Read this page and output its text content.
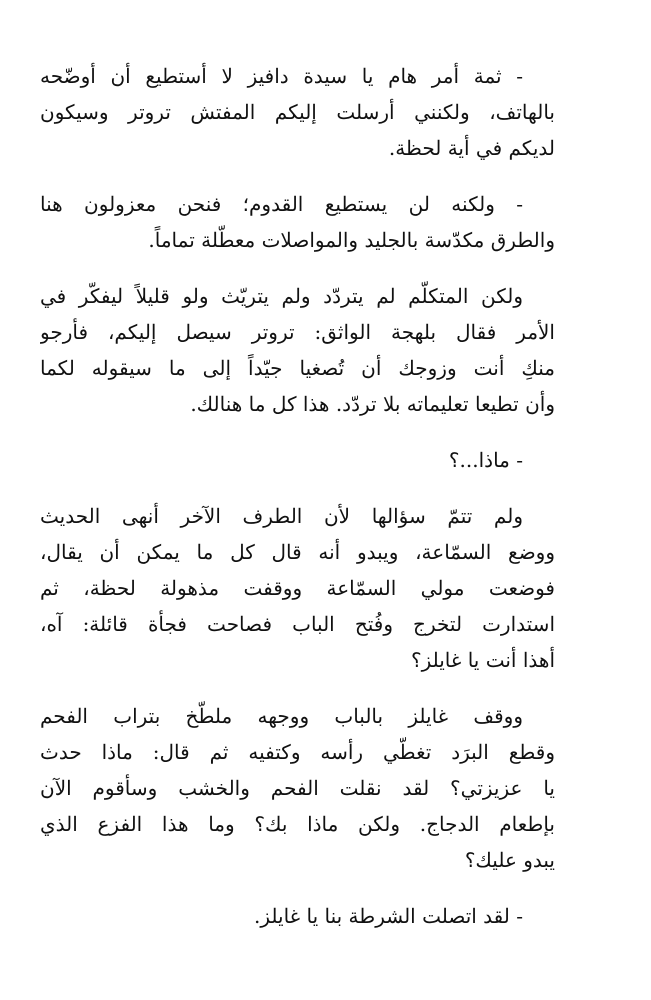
- ثمة أمر هام يا سيدة دافيز لا أستطيع أن أوضّحه
بالهاتف، ولكنني أرسلت إليكم المفتش تروتر وسيكون
لديكم في أية لحظة.
- ولكنه لن يستطيع القدوم؛ فنحن معزولون هنا
والطرق مكدّسة بالجليد والمواصلات معطّلة تماماً.
ولكن المتكلّم لم يتردّد ولم يتريّث ولو قليلاً ليفكّر في
الأمر فقال بلهجة الواثق: تروتر سيصل إليكم، فأرجو
منكِ أنت وزوجك أن تُصغيا جيّداً إلى ما سيقوله لكما
وأن تطيعا تعليماته بلا تردّد. هذا كل ما هنالك.
- ماذا...؟
ولم تتمّ سؤالها لأن الطرف الآخر أنهى الحديث
ووضع السمّاعة، ويبدو أنه قال كل ما يمكن أن يقال،
فوضعت مولي السمّاعة ووقفت مذهولة لحظة، ثم
استدارت لتخرج وفُتح الباب فصاحت فجأة قائلة: آه،
أهذا أنت يا غايلز؟
ووقف غايلز بالباب ووجهه ملطّخ بتراب الفحم
وقطع البرَد تغطّي رأسه وكتفيه ثم قال: ماذا حدث
يا عزيزتي؟ لقد نقلت الفحم والخشب وسأقوم الآن
بإطعام الدجاج. ولكن ماذا بك؟ وما هذا الفزع الذي
يبدو عليك؟
- لقد اتصلت الشرطة بنا يا غايلز.
